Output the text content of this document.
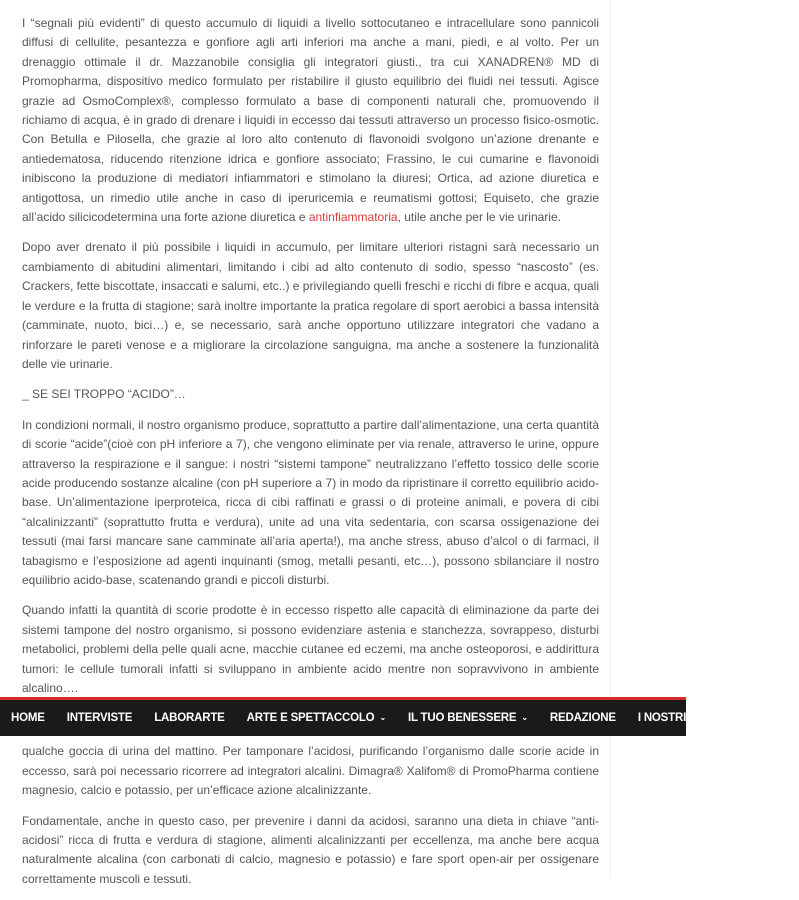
I “segnali più evidenti” di questo accumulo di liquidi a livello sottocutaneo e intracellulare sono pannicoli diffusi di cellulite, pesantezza e gonfiore agli arti inferiori ma anche a mani, piedi, e al volto. Per un drenaggio ottimale il dr. Mazzanobile consiglia gli integratori giusti., tra cui XANADREN® MD di Promopharma, dispositivo medico formulato per ristabilire il giusto equilibrio dei fluidi nei tessuti. Agisce grazie ad OsmoComplex®, complesso formulato a base di componenti naturali che, promuovendo il richiamo di acqua, è in grado di drenare i liquidi in eccesso dai tessuti attraverso un processo fisico-osmotic. Con Betulla e Pilosella, che grazie al loro alto contenuto di flavonoidi svolgono un’azione drenante e antiedematosa, riducendo ritenzione idrica e gonfiore associato; Frassino, le cui cumarine e flavonoidi inibiscono la produzione di mediatori infiammatori e stimolano la diuresi; Ortica, ad azione diuretica e antigottosa, un rimedio utile anche in caso di iperuricemia e reumatismi gottosi; Equiseto, che grazie all’acido silicicodetermina una forte azione diuretica e antinfiammatoria, utile anche per le vie urinarie.

Dopo aver drenato il più possibile i liquidi in accumulo, per limitare ulteriori ristagni sarà necessario un cambiamento di abitudini alimentari, limitando i cibi ad alto contenuto di sodio, spesso “nascosto” (es. Crackers, fette biscottate, insaccati e salumi, etc..) e privilegiando quelli freschi e ricchi di fibre e acqua, quali le verdure e la frutta di stagione; sarà inoltre importante la pratica regolare di sport aerobici a bassa intensità (camminate, nuoto, bici…) e, se necessario, sarà anche opportuno utilizzare integratori che vadano a rinforzare le pareti venose e a migliorare la circolazione sanguigna, ma anche a sostenere la funzionalità delle vie urinarie.

_ SE SEI TROPPO “ACIDO”…

In condizioni normali, il nostro organismo produce, soprattutto a partire dall’alimentazione, una certa quantità di scorie “acide”(cioè con pH inferiore a 7), che vengono eliminate per via renale, attraverso le urine, oppure attraverso la respirazione e il sangue: i nostri “sistemi tampone” neutralizzano l’effetto tossico delle scorie acide producendo sostanze alcaline (con pH superiore a 7) in modo da ripristinare il corretto equilibrio acido-base. Un’alimentazione iperproteica, ricca di cibi raffinati e grassi o di proteine animali, e povera di cibi “alcalinizzanti” (soprattutto frutta e verdura), unite ad una vita sedentaria, con scarsa ossigenazione dei tessuti (mai farsi mancare sane camminate all’aria aperta!), ma anche stress, abuso d’alcol o di farmaci, il tabagismo e l’esposizione ad agenti inquinanti (smog, metalli pesanti, etc…), possono sbilanciare il nostro equilibrio acido-base, scatenando grandi e piccoli disturbi.

Quando infatti la quantità di scorie prodotte è in eccesso rispetto alle capacità di eliminazione da parte dei sistemi tampone del nostro organismo, si possono evidenziare astenia e stanchezza, sovrappeso, disturbi metabolici, problemi della pelle quali acne, macchie cutanee ed eczemi, ma anche osteoporosi, e addirittura tumori: le cellule tumorali infatti si sviluppano in ambiente acido mentre non sopravvivono in ambiente alcalino….

qualche goccia di urina del mattino. Per tamponare l’acidosi, purificando l’organismo dalle scorie acide in eccesso, sarà poi necessario ricorrere ad integratori alcalini. Dimagra® Xalifom® di PromoPharma contiene magnesio, calcio e potassio, per un’efficace azione alcalinizzante.

Fondamentale, anche in questo caso, per prevenire i danni da acidosi, saranno una dieta in chiave “anti-acidosi” ricca di frutta e verdura di stagione, alimenti alcalinizzanti per eccellenza, ma anche bere acqua naturalmente alcalina (con carbonati di calcio, magnesio e potassio) e fare sport open-air per ossigenare correttamente muscoli e tessuti.

HOME INTERVISTE LABORARTE ARTE E SPETTACCOLO ⌄ IL TUO BENESSERE ⌄ REDAZIONE I NOSTRI PRODOTTI ⌄ P
